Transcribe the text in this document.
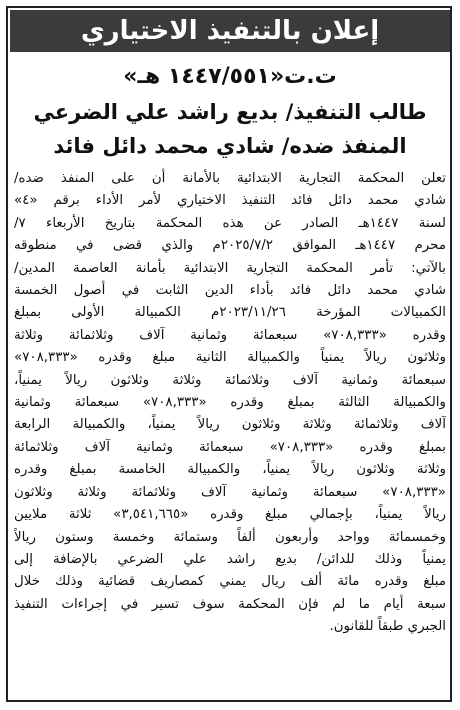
إعلان بالتنفيذ الاختياري
ت.ت«١٤٤٧/٥٥١ هـ»
طالب التنفيذ/ بديع راشد علي الضرعي
المنفذ ضده/ شادي محمد دائل فائد
تعلن المحكمة التجارية الابتدائية بالأمانة أن على المنفذ ضده/
شادي محمد دائل فائد التنفيذ الاختياري لأمر الأداء برقم «٤»
لسنة ١٤٤٧هـ الصادر عن هذه المحكمة بتاريخ الأربعاء ٧/
محرم ١٤٤٧هـ الموافق ٢٠٢٥/٧/٢م والذي قضى في منطوقه
بالآتي: تأمر المحكمة التجارية الابتدائية بأمانة العاصمة المدين/
شادي محمد دائل فائد بأداء الدين الثابت في أصول الخمسة
الكمبيالات المؤرخة ٢٠٢٣/١١/٢٦م الكمبيالة الأولى بمبلغ
وقدره «٧٠٨,٣٣٣» سبعمائة وثمانية آلاف وثلاثمائة وثلاثة
وثلاثون ريالاً يمنياً والكمبيالة الثانية مبلغ وقدره «٧٠٨,٣٣٣»
سبعمائة وثمانية آلاف وثلاثمائة وثلاثة وثلاثون ريالاً يمنياً،
والكمبيالة الثالثة بمبلغ وقدره «٧٠٨,٣٣٣» سبعمائة وثمانية
آلاف وثلاثمائة وثلاثة وثلاثون ريالاً يمنياً، والكمبيالة الرابعة
بمبلغ وقدره «٧٠٨,٣٣٣» سبعمائة وثمانية آلاف وثلاثمائة
وثلاثة وثلاثون ريالاً يمنياً، والكمبيالة الخامسة بمبلغ وقدره
«٧٠٨,٣٣٣» سبعمائة وثمانية آلاف وثلاثمائة وثلاثة وثلاثون
ريالاً يمنياً، بإجمالي مبلغ وقدره «٣,٥٤١,٦٦٥» ثلاثة ملايين
وخمسمائة وواحد وأربعون ألفاً وستمائة وخمسة وستون ريالاً
يمنياً وذلك للدائن/ بديع راشد علي الضرعي بالإضافة إلى
مبلغ وقدره مائة ألف ريال يمني كمصاريف قضائية وذلك خلال
سبعة أيام ما لم فإن المحكمة سوف تسير في إجراءات التنفيذ
الجبري طبقاً للقانون.
